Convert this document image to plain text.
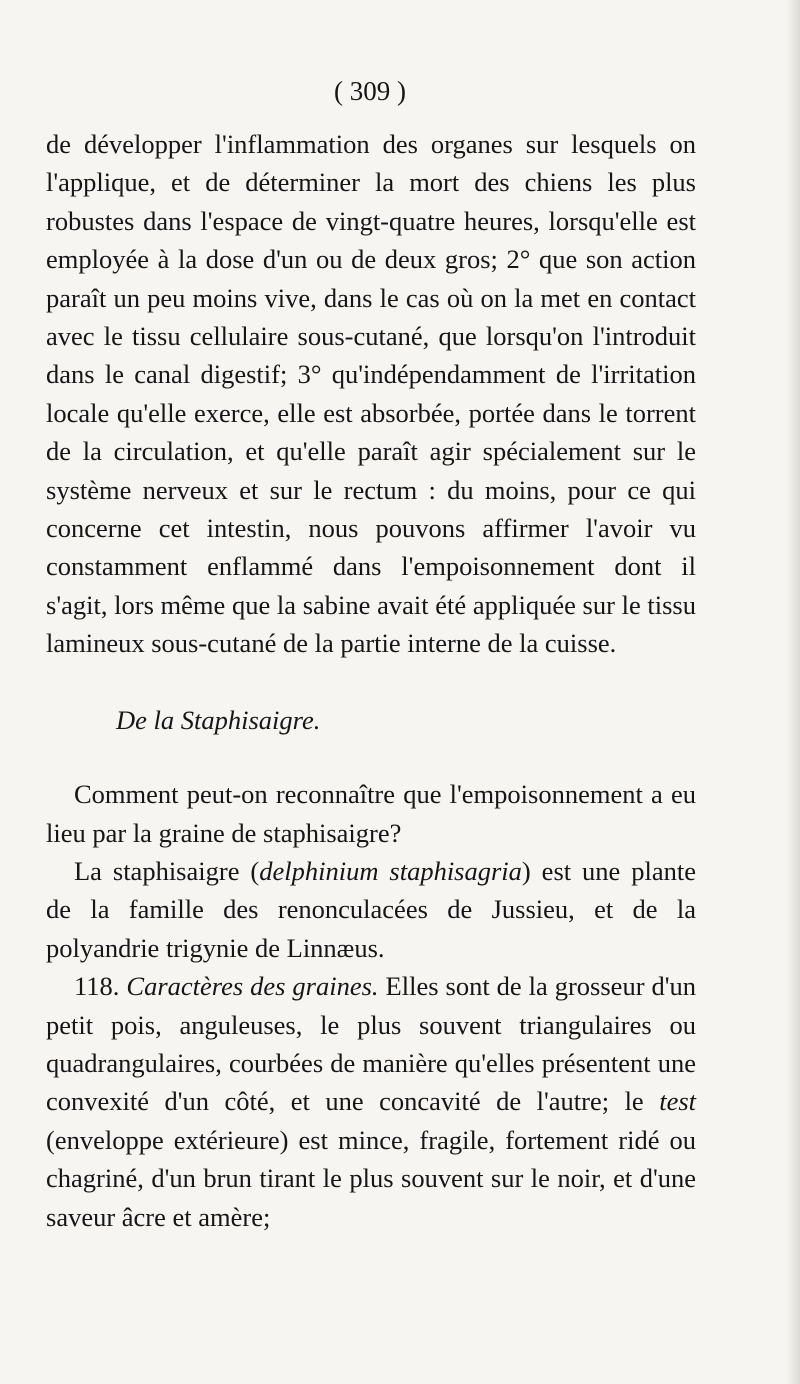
( 309 )

de développer l'inflammation des organes sur lesquels on l'applique, et de déterminer la mort des chiens les plus robustes dans l'espace de vingt-quatre heures, lorsqu'elle est employée à la dose d'un ou de deux gros; 2° que son action paraît un peu moins vive, dans le cas où on la met en contact avec le tissu cellulaire sous-cutané, que lorsqu'on l'introduit dans le canal digestif; 3° qu'indépendamment de l'irritation locale qu'elle exerce, elle est absorbée, portée dans le torrent de la circulation, et qu'elle paraît agir spécialement sur le système nerveux et sur le rectum : du moins, pour ce qui concerne cet intestin, nous pouvons affirmer l'avoir vu constamment enflammé dans l'empoisonnement dont il s'agit, lors même que la sabine avait été appliquée sur le tissu lamineux sous-cutané de la partie interne de la cuisse.

De la Staphisaigre.

Comment peut-on reconnaître que l'empoisonnement a eu lieu par la graine de staphisaigre?

La staphisaigre (delphinium staphisagria) est une plante de la famille des renonculacées de Jussieu, et de la polyandrie trigynie de Linnæus.

118. Caractères des graines. Elles sont de la grosseur d'un petit pois, anguleuses, le plus souvent triangulaires ou quadrangulaires, courbées de manière qu'elles présentent une convexité d'un côté, et une concavité de l'autre; le test (enveloppe extérieure) est mince, fragile, fortement ridé ou chagriné, d'un brun tirant le plus souvent sur le noir, et d'une saveur âcre et amère;
